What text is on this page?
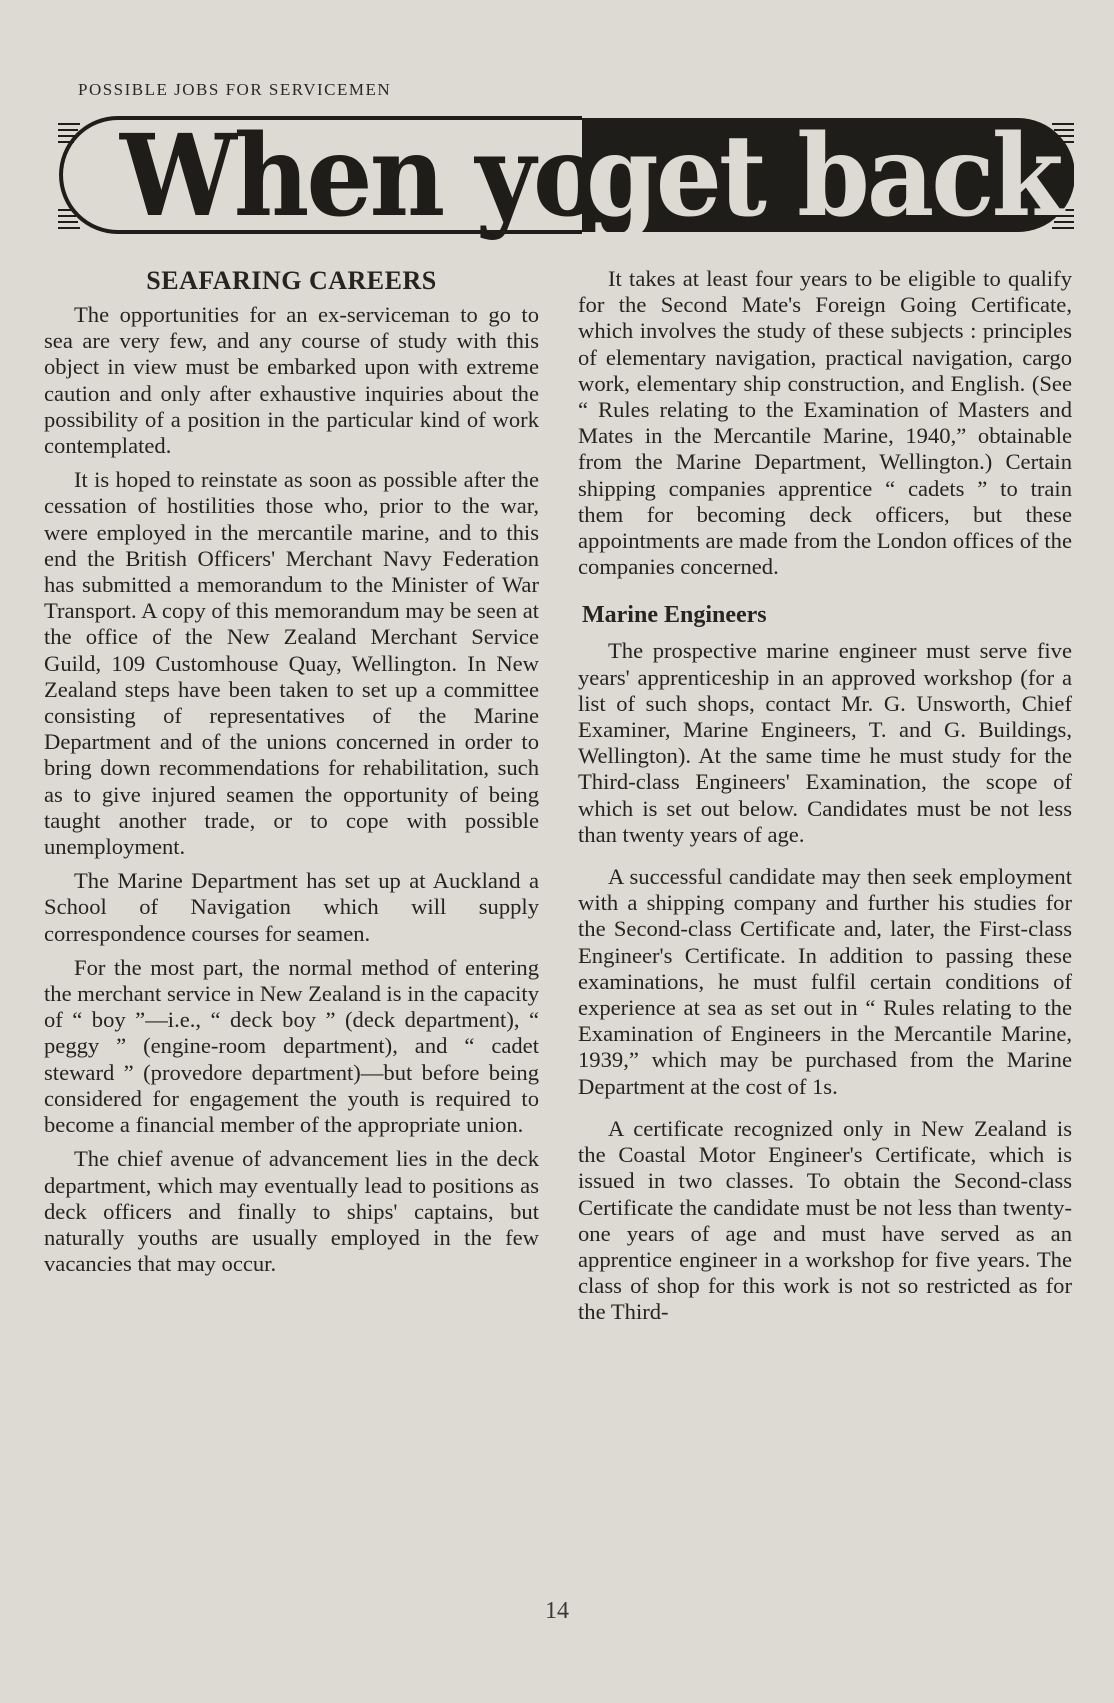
POSSIBLE JOBS FOR SERVICEMEN
When you
get back
SEAFARING CAREERS

The opportunities for an ex-serviceman to go to sea are very few, and any course of study with this object in view must be embarked upon with extreme caution and only after exhaustive inquiries about the possibility of a position in the particular kind of work contemplated.

It is hoped to reinstate as soon as possible after the cessation of hostilities those who, prior to the war, were employed in the mercantile marine, and to this end the British Officers' Merchant Navy Federation has submitted a memorandum to the Minister of War Transport. A copy of this memorandum may be seen at the office of the New Zealand Merchant Service Guild, 109 Customhouse Quay, Wellington. In New Zealand steps have been taken to set up a committee consisting of representatives of the Marine Department and of the unions concerned in order to bring down recommendations for rehabilitation, such as to give injured seamen the opportunity of being taught another trade, or to cope with possible unemployment.

The Marine Department has set up at Auckland a School of Navigation which will supply correspondence courses for seamen.

For the most part, the normal method of entering the merchant service in New Zealand is in the capacity of “ boy ”—i.e., “ deck boy ” (deck department), “ peggy ” (engine-room department), and “ cadet steward ” (provedore department)—but before being considered for engagement the youth is required to become a financial member of the appropriate union.

The chief avenue of advancement lies in the deck department, which may eventually lead to positions as deck officers and finally to ships' captains, but naturally youths are usually employed in the few vacancies that may occur.

It takes at least four years to be eligible to qualify for the Second Mate's Foreign Going Certificate, which involves the study of these subjects : principles of elementary navigation, practical navigation, cargo work, elementary ship construction, and English. (See “ Rules relating to the Examination of Masters and Mates in the Mercantile Marine, 1940,” obtainable from the Marine Department, Wellington.) Certain shipping companies apprentice “ cadets ” to train them for becoming deck officers, but these appointments are made from the London offices of the companies concerned.

Marine Engineers

The prospective marine engineer must serve five years' apprenticeship in an approved workshop (for a list of such shops, contact Mr. G. Unsworth, Chief Examiner, Marine Engineers, T. and G. Buildings, Wellington). At the same time he must study for the Third-class Engineers' Examination, the scope of which is set out below. Candidates must be not less than twenty years of age.

A successful candidate may then seek employment with a shipping company and further his studies for the Second-class Certificate and, later, the First-class Engineer's Certificate. In addition to passing these examinations, he must fulfil certain conditions of experience at sea as set out in “ Rules relating to the Examination of Engineers in the Mercantile Marine, 1939,” which may be purchased from the Marine Department at the cost of 1s.

A certificate recognized only in New Zealand is the Coastal Motor Engineer's Certificate, which is issued in two classes. To obtain the Second-class Certificate the candidate must be not less than twenty-one years of age and must have served as an apprentice engineer in a workshop for five years. The class of shop for this work is not so restricted as for the Third-

14
